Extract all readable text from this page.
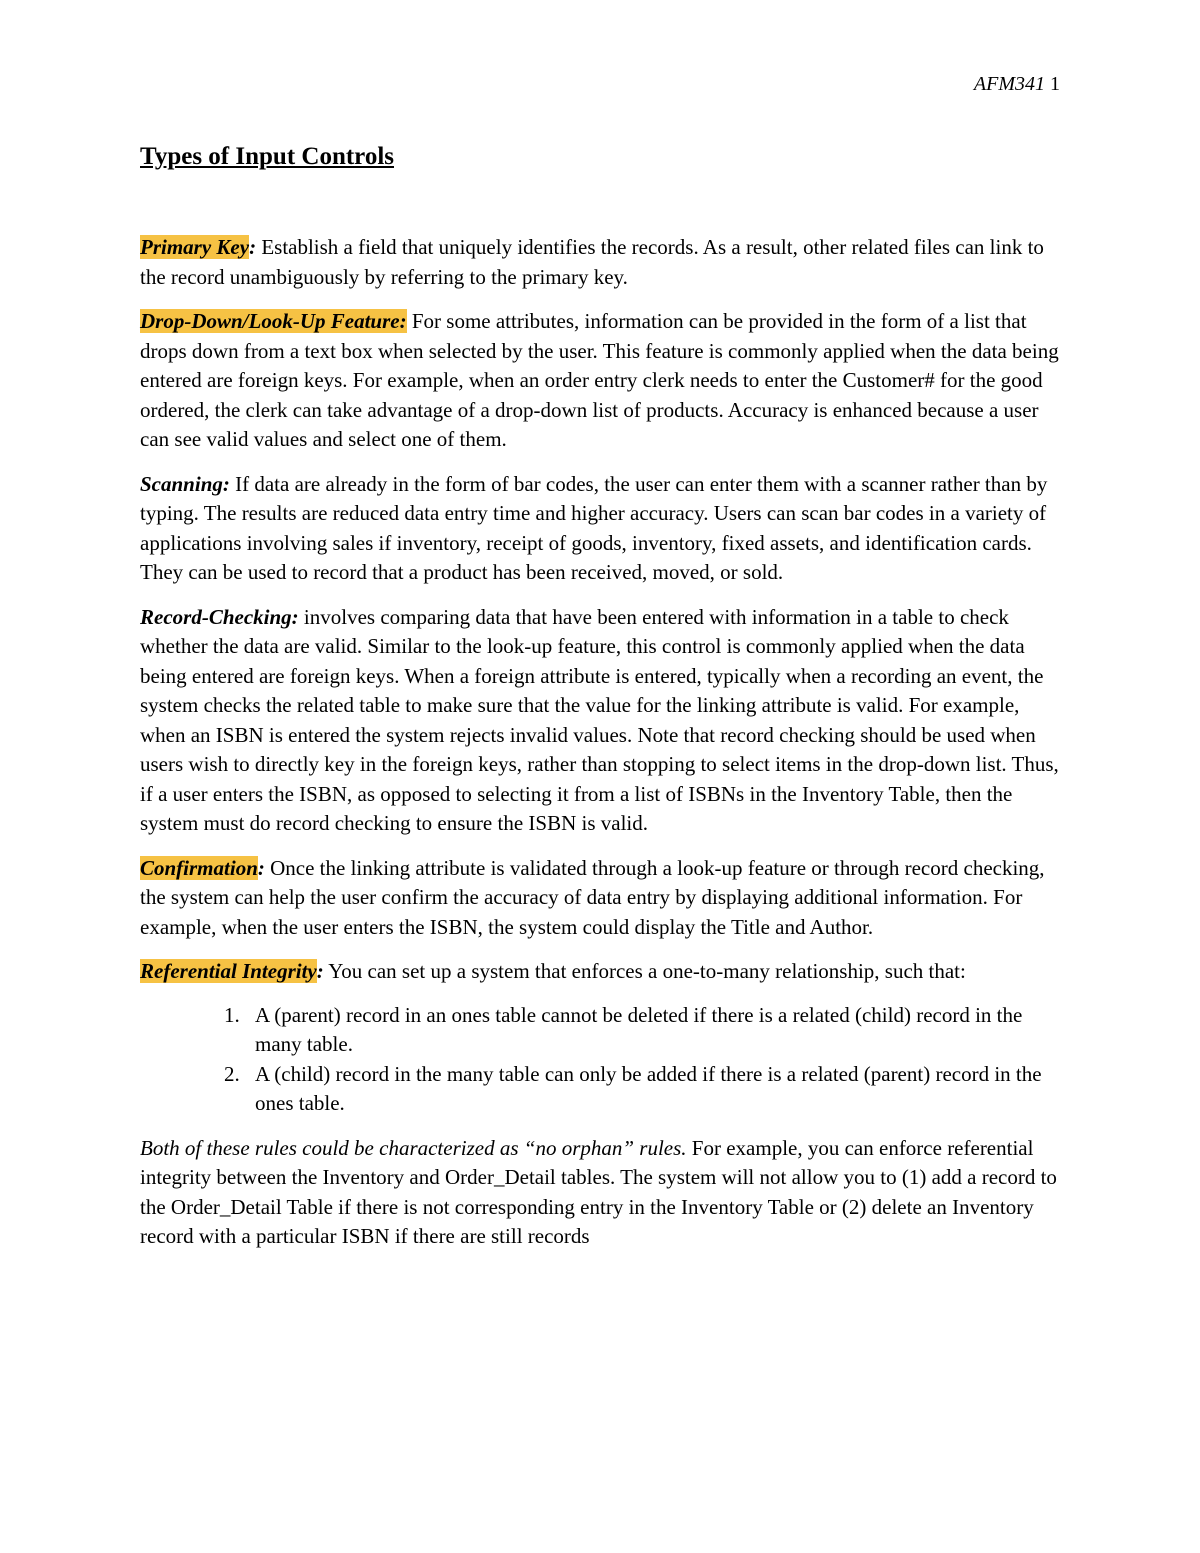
AFM341 1
Types of Input Controls

Primary Key: Establish a field that uniquely identifies the records. As a result, other related files can link to the record unambiguously by referring to the primary key.

Drop-Down/Look-Up Feature: For some attributes, information can be provided in the form of a list that drops down from a text box when selected by the user. This feature is commonly applied when the data being entered are foreign keys. For example, when an order entry clerk needs to enter the Customer# for the good ordered, the clerk can take advantage of a drop-down list of products. Accuracy is enhanced because a user can see valid values and select one of them.

Scanning: If data are already in the form of bar codes, the user can enter them with a scanner rather than by typing. The results are reduced data entry time and higher accuracy. Users can scan bar codes in a variety of applications involving sales if inventory, receipt of goods, inventory, fixed assets, and identification cards. They can be used to record that a product has been received, moved, or sold.

Record-Checking: involves comparing data that have been entered with information in a table to check whether the data are valid. Similar to the look-up feature, this control is commonly applied when the data being entered are foreign keys. When a foreign attribute is entered, typically when a recording an event, the system checks the related table to make sure that the value for the linking attribute is valid. For example, when an ISBN is entered the system rejects invalid values. Note that record checking should be used when users wish to directly key in the foreign keys, rather than stopping to select items in the drop-down list. Thus, if a user enters the ISBN, as opposed to selecting it from a list of ISBNs in the Inventory Table, then the system must do record checking to ensure the ISBN is valid.

Confirmation: Once the linking attribute is validated through a look-up feature or through record checking, the system can help the user confirm the accuracy of data entry by displaying additional information. For example, when the user enters the ISBN, the system could display the Title and Author.

Referential Integrity: You can set up a system that enforces a one-to-many relationship, such that:

1. A (parent) record in an ones table cannot be deleted if there is a related (child) record in the many table.
2. A (child) record in the many table can only be added if there is a related (parent) record in the ones table.

Both of these rules could be characterized as “no orphan” rules. For example, you can enforce referential integrity between the Inventory and Order_Detail tables. The system will not allow you to (1) add a record to the Order_Detail Table if there is not corresponding entry in the Inventory Table or (2) delete an Inventory record with a particular ISBN if there are still records
